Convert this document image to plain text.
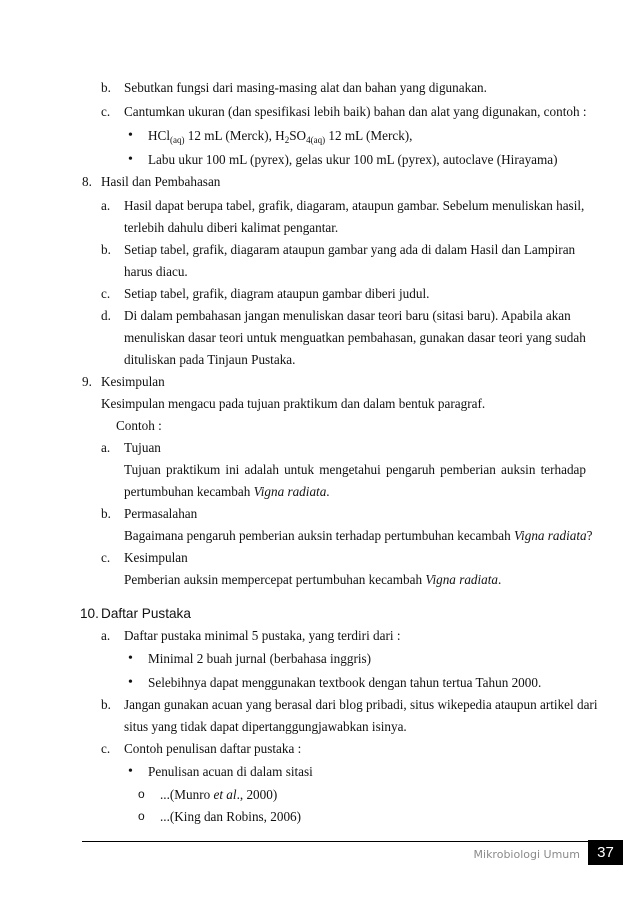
b. Sebutkan fungsi dari masing-masing alat dan bahan yang digunakan.
c. Cantumkan ukuran (dan spesifikasi lebih baik) bahan dan alat yang digunakan, contoh :
• HCl$_{(aq)}$ 12 mL (Merck), $H_2SO_{4(aq)}$ 12 mL (Merck),
• Labu ukur 100 mL (pyrex), gelas ukur 100 mL (pyrex), autoclave (Hirayama)
8. Hasil dan Pembahasan
a. Hasil dapat berupa tabel, grafik, diagaram, ataupun gambar. Sebelum menuliskan hasil,
terlebih dahulu diberi kalimat pengantar.
b. Setiap tabel, grafik, diagaram ataupun gambar yang ada di dalam Hasil dan Lampiran
harus diacu.
c. Setiap tabel, grafik, diagram ataupun gambar diberi judul.
d. Di dalam pembahasan jangan menuliskan dasar teori baru (sitasi baru). Apabila akan
menuliskan dasar teori untuk menguatkan pembahasan, gunakan dasar teori yang sudah
dituliskan pada Tinjaun Pustaka.
9. Kesimpulan
Kesimpulan mengacu pada tujuan praktikum dan dalam bentuk paragraf.
Contoh :
a. Tujuan
Tujuan praktikum ini adalah untuk mengetahui pengaruh pemberian auksin terhadap
pertumbuhan kecambah Vigna radiata.
b. Permasalahan
Bagaimana pengaruh pemberian auksin terhadap pertumbuhan kecambah Vigna radiata?
c. Kesimpulan
Pemberian auksin mempercepat pertumbuhan kecambah Vigna radiata.
10. Daftar Pustaka
a. Daftar pustaka minimal 5 pustaka, yang terdiri dari :
• Minimal 2 buah jurnal (berbahasa inggris)
• Selebihnya dapat menggunakan textbook dengan tahun tertua Tahun 2000.
b. Jangan gunakan acuan yang berasal dari blog pribadi, situs wikepedia ataupun artikel dari
situs yang tidak dapat dipertanggungjawabkan isinya.
c. Contoh penulisan daftar pustaka :
• Penulisan acuan di dalam sitasi
o ...(Munro et al., 2000)
o ...(King dan Robins, 2006)
Mikrobiologi Umum	37
